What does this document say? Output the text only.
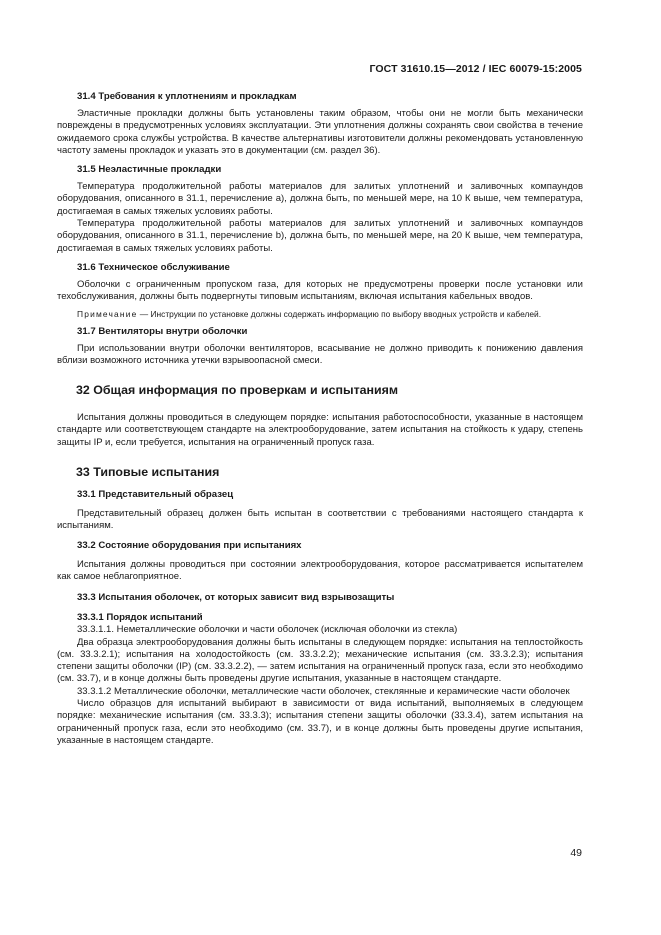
ГОСТ 31610.15—2012 / IEC 60079-15:2005
31.4 Требования к уплотнениям и прокладкам

Эластичные прокладки должны быть установлены таким образом, чтобы они не могли быть механически повреждены в предусмотренных условиях эксплуатации. Эти уплотнения должны сохранять свои свойства в течение ожидаемого срока службы устройства. В качестве альтернативы изготовители должны рекомендовать установленную частоту замены прокладок и указать это в документации (см. раздел 36).

31.5 Неэластичные прокладки

Температура продолжительной работы материалов для залитых уплотнений и заливочных компаундов оборудования, описанного в 31.1, перечисление а), должна быть, по меньшей мере, на 10 К выше, чем температура, достигаемая в самых тяжелых условиях работы.

Температура продолжительной работы материалов для залитых уплотнений и заливочных компаундов оборудования, описанного в 31.1, перечисление b), должна быть, по меньшей мере, на 20 К выше, чем температура, достигаемая в самых тяжелых условиях работы.

31.6 Техническое обслуживание

Оболочки с ограниченным пропуском газа, для которых не предусмотрены проверки после установки или техобслуживания, должны быть подвергнуты типовым испытаниям, включая испытания кабельных вводов.

Примечание — Инструкции по установке должны содержать информацию по выбору вводных устройств и кабелей.
31.7 Вентиляторы внутри оболочки

При использовании внутри оболочки вентиляторов, всасывание не должно приводить к понижению давления вблизи возможного источника утечки взрывоопасной смеси.

32 Общая информация по проверкам и испытаниям

Испытания должны проводиться в следующем порядке: испытания работоспособности, указанные в настоящем стандарте или соответствующем стандарте на электрооборудование, затем испытания на стойкость к удару, степень защиты IP и, если требуется, испытания на ограниченный пропуск газа.

33 Типовые испытания
33.1 Представительный образец

Представительный образец должен быть испытан в соответствии с требованиями настоящего стандарта к испытаниям.

33.2 Состояние оборудования при испытаниях

Испытания должны проводиться при состоянии электрооборудования, которое рассматривается испытателем как самое неблагоприятное.

33.3 Испытания оболочек, от которых зависит вид взрывозащиты
33.3.1 Порядок испытаний

33.3.1.1. Неметаллические оболочки и части оболочек (исключая оболочки из стекла)

Два образца электрооборудования должны быть испытаны в следующем порядке: испытания на теплостойкость (см. 33.3.2.1); испытания на холодостойкость (см. 33.3.2.2); механические испытания (см. 33.3.2.3); испытания степени защиты оболочки (IP) (см. 33.3.2.2), — затем испытания на ограниченный пропуск газа, если это необходимо (см. 33.7), и в конце должны быть проведены другие испытания, указанные в настоящем стандарте.

33.3.1.2 Металлические оболочки, металлические части оболочек, стеклянные и керамические части оболочек

Число образцов для испытаний выбирают в зависимости от вида испытаний, выполняемых в следующем порядке: механические испытания (см. 33.3.3); испытания степени защиты оболочки (33.3.4), затем испытания на ограниченный пропуск газа, если это необходимо (см. 33.7), и в конце должны быть проведены другие испытания, указанные в настоящем стандарте.

49
